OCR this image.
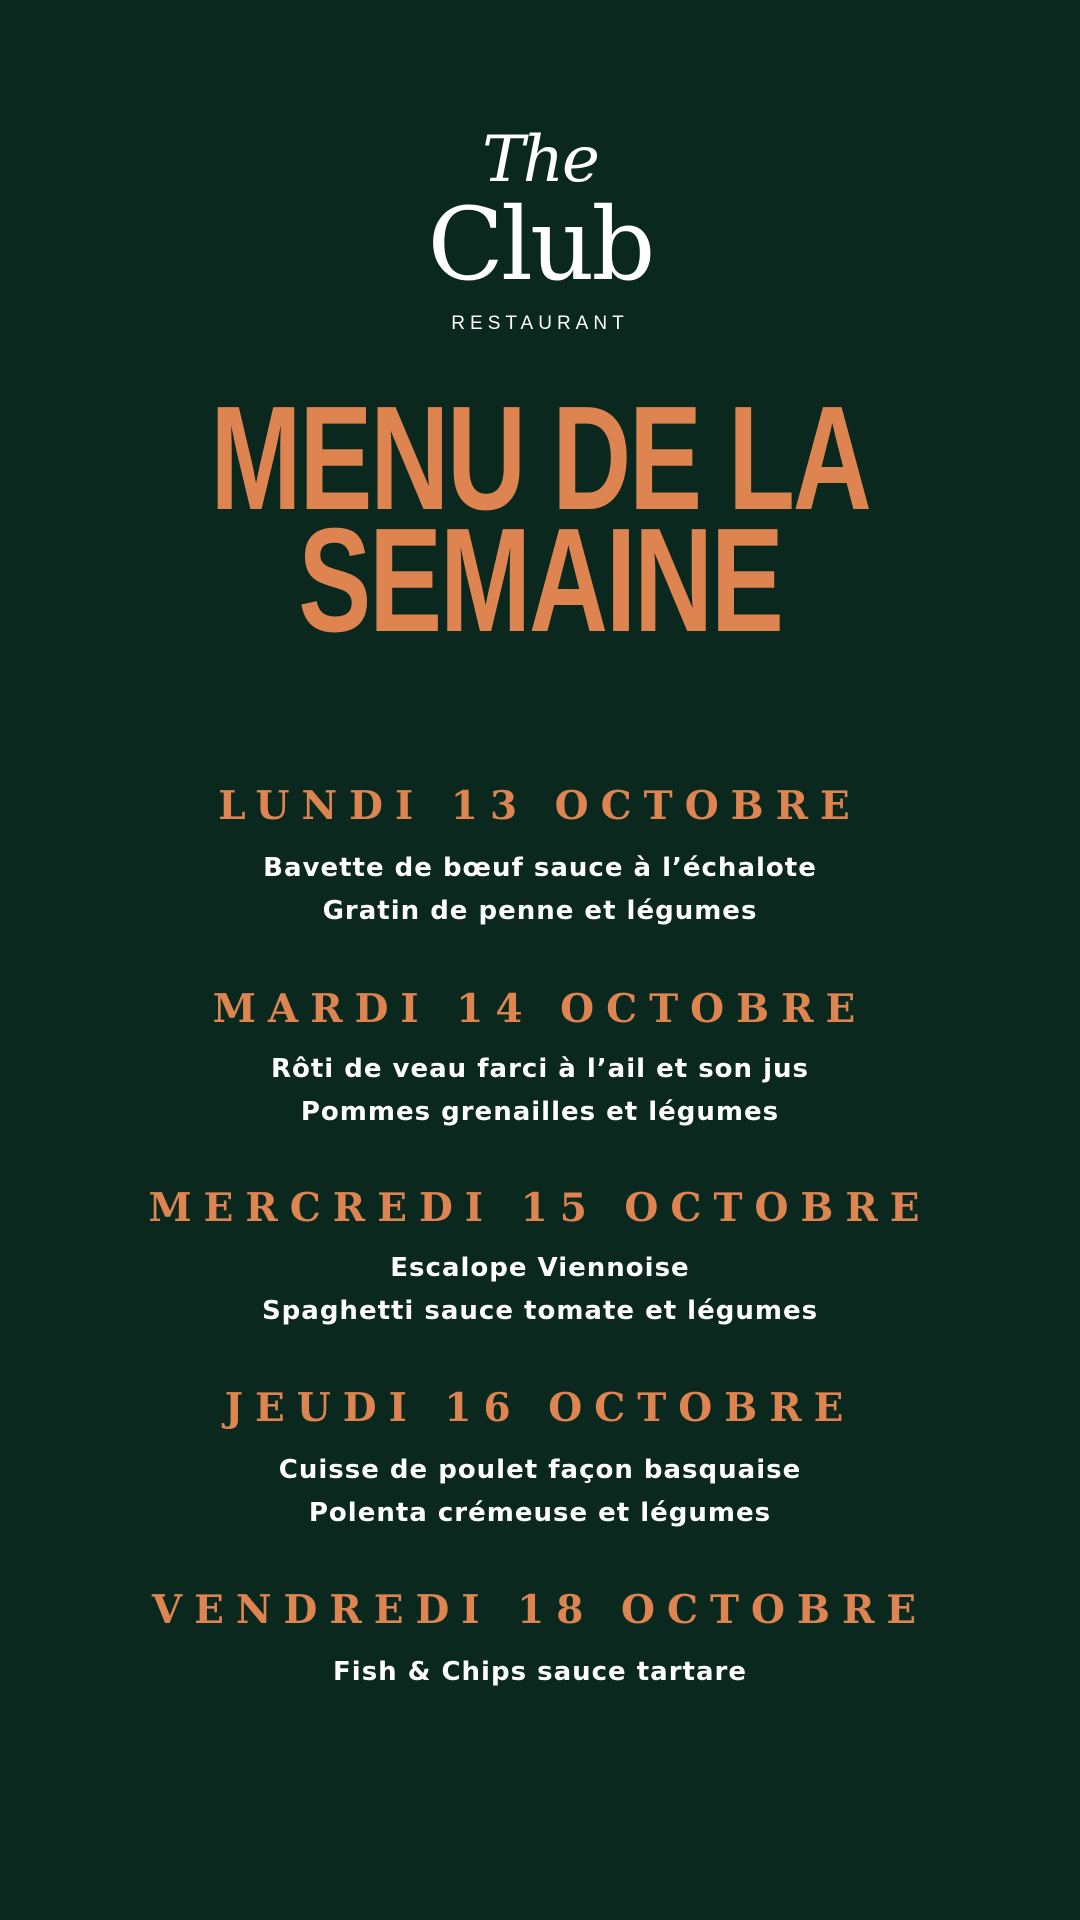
The
Club
RESTAURANT
MENU DE LA
SEMAINE
LUNDI 13 OCTOBRE
Bavette de bœuf sauce à l’échalote
Gratin de penne et légumes
MARDI 14 OCTOBRE
Rôti de veau farci à l’ail et son jus
Pommes grenailles et légumes
MERCREDI 15 OCTOBRE
Escalope Viennoise
Spaghetti sauce tomate et légumes
JEUDI 16 OCTOBRE
Cuisse de poulet façon basquaise
Polenta crémeuse et légumes
VENDREDI 18 OCTOBRE
Fish & Chips sauce tartare
